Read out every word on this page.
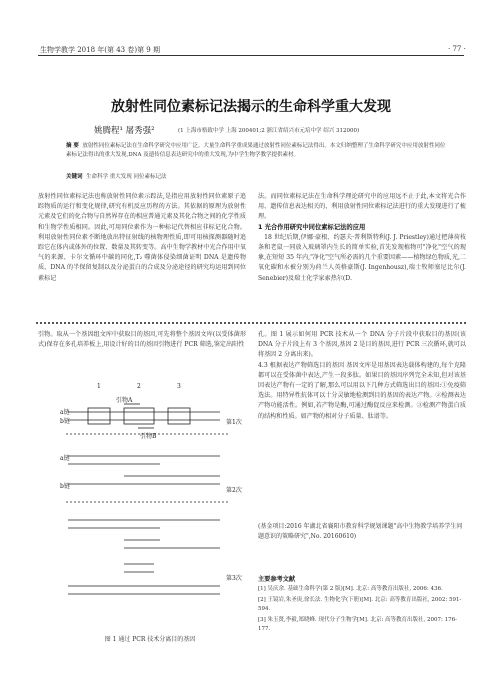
生物学教学 2018 年(第 43 卷)第 9 期	· 77 ·
放射性同位素标记法揭示的生命科学重大发现
姚腾程¹ 屠秀强²	(1 上海市格致中学 上海 200401;2 浙江省绍兴市元培中学 绍兴 312000)
摘 要 放射性同位素标记法在生命科学研究中应用广泛。大量生命科学重成果通过放射性同位素标记法得出。本文归纳整理了生命科学研究中应用放射性同位素标记法得出的重大发现,DNA 及遗传信息表达研究中的重大发现,为中学生物学教学提供素材。
关键词 生命科学 重大发现 同位素标记法
放射性同位素标记法也称放射性同位素示踪法,是指应用放射性同位素原子追踪物质的运行和变化规律,研究有机反应历程的方法。其依据的原理为放射性元素及它们的化合物与自然界存在的相应普通元素及其化合物之间的化学性质和生物学性质相同。因此,可用同位素作为一种标记代替相应非标记化合物。利用放射性同位素不断地放出特征射线的核物理性质,即可用核探测器随时追踪它在体内或体外的位置、数量及其转变等。高中生物学教材中光合作用中氧气的来源、卡尔文循环中碳的同化,T₂ 噬菌体侵染细菌证明 DNA 是遗传物质、DNA 的半保留复制以及分泌蛋白的合成及分泌途径的研究均运用到同位素标记
法。而同位素标记法在生命科学理论研究中的应用远不止于此,本文将光合作用、遗传信息表达相关的、利用放射性同位素标记法进行的重大发现进行了梳理。
1 光合作用研究中同位素标记法的应用
18 世纪后期,伊娜·豪根、约瑟夫·普利斯特利(J. J. Priestley)通过把薄荷枝条和老鼠一同放入玻璃罩内生长的简单实验,首先发现植物可"净化"空气的现象,在短短 35 年内,"净化"空气所必需的几个重要因素——植物绿色物质,光,二氧化碳和水被分别为荷兰人英格豪斯(J. Ingenhousz),瑞士牧师塞尼比尔(J. Senebier)及瑞士化学家索热尔(D.
引物。取从一个基因组文库中获取目的基因,可先将整个基因文库(以受体菌形式)保存在多孔培养板上,用设计好的目的基因引物进行 PCR 筛选,鉴定出阳性
孔。图 1 展示如何用 PCR 技术从一个 DNA 分子片段中获取目的基因(该 DNA 分子片段上有 3 个基因,基因 2 是目的基因,进行 PCR 三次循环,就可以将基因 2 分离出来)。
4.3 根据表达产物筛选目的基因 基因文库是用基因表达载体构建的,每个克隆都可以在受体菌中表达,产生一段多肽。如果目的基因序列完全未知,但对该基因表达产物有一定的了解,那么可以用以下几种方式筛选出目的基因:①免疫筛选法。用特异性抗体可以十分灵敏地检测到目的基因的表达产物。②检测表达产物功能活性。例如,若产物是酶,可通过酶促反应来检测。③检测产物蛋白质的结构和性质。如产物的相对分子质量、肽谱等。
1	2	3
引物A
引物B
a链
b链
a链
b链
第1次
第2次
第3次
图 1 通过 PCR 技术分离目的基因
(基金项目:2016 年湖北省襄阳市教育科学规划课题"高中生物教学培养学生问题意识的策略研究",No. 20160610)
主要参考文献
[1] 吴庆余. 基础生命科学(第 2 版)[M]. 北京: 高等教育出版社, 2006: 436.
[2] 王镜岩,朱圣庚,徐长法. 生物化学(下册)[M]. 北京: 高等教育出版社, 2002: 591-594.
[3] 朱玉贤,李毅,郑晓峰. 现代分子生物学[M]. 北京: 高等教育出版社, 2007: 176-177.
